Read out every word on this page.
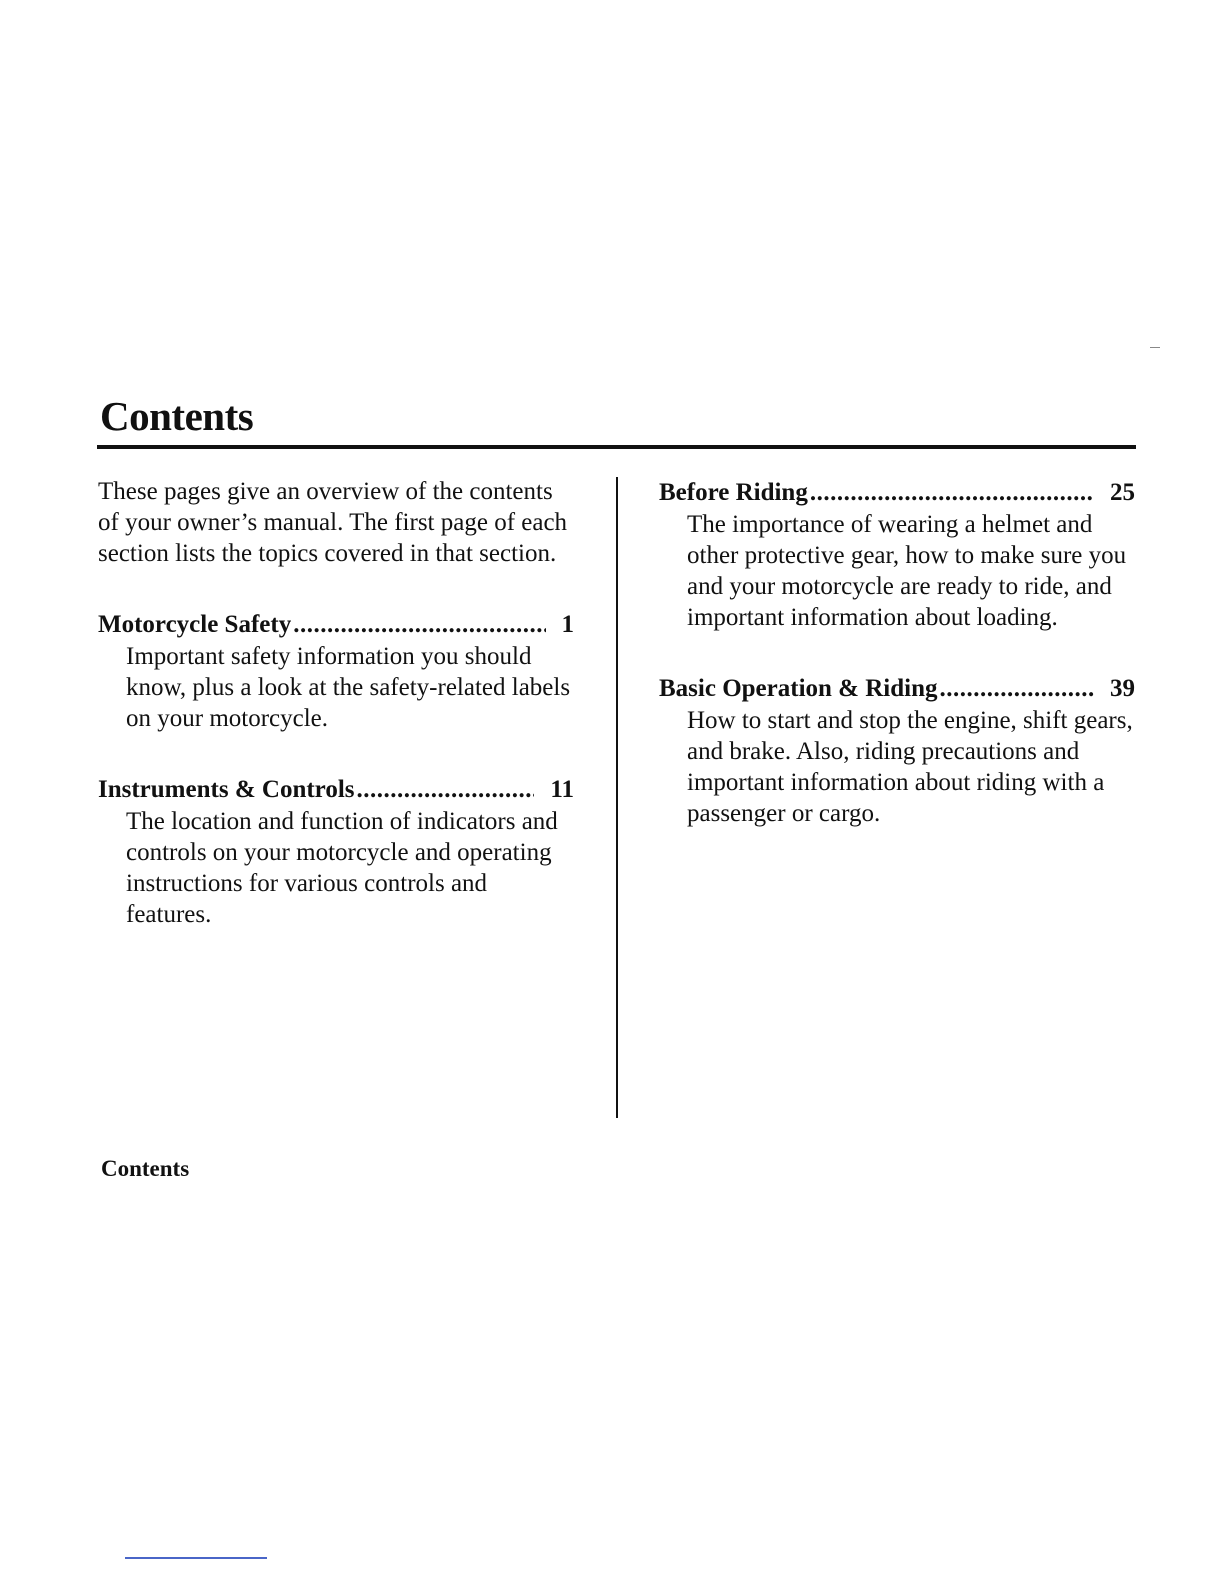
Contents

These pages give an overview of the contents of your owner’s manual. The first page of each section lists the topics covered in that section.

Motorcycle Safety .....	1
Important safety information you should know, plus a look at the safety-related labels on your motorcycle.
Instruments & Controls .....	11
The location and function of indicators and controls on your motorcycle and operating instructions for various controls and features.
Before Riding .....	25
The importance of wearing a helmet and other protective gear, how to make sure you and your motorcycle are ready to ride, and important information about loading.
Basic Operation & Riding .....	39
How to start and stop the engine, shift gears, and brake. Also, riding precautions and important information about riding with a passenger or cargo.
Contents
